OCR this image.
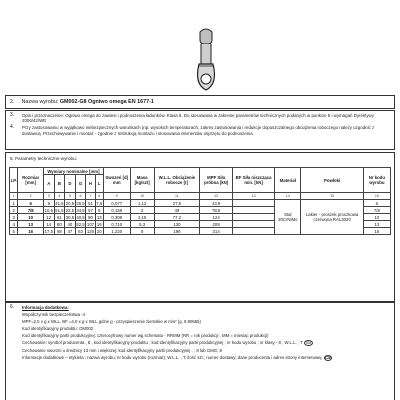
2. Nazwa wyrobu: GM002-G8 Ogniwo omega EN 1677-1
3.	Opis i przeznaczenie: Ogniwo omega do zawiesi i podnoszenia ładunków. Klasa 8. Do stosowania w zakresie parametrów technicznych podanych w punkcie 5 i wymagań Dyrektywy 2006/42/WE
4.	Przy zastosowaniu w wyjątkowo niebezpiecznych warunkach (np. wysokich temperaturach, zakres zastosowania i redukcje dopuszczalnego obciążenia roboczego należy uzgodnić z dostawcą. Przechowywanie i montaż - zgodnie z Instrukcją montażu i stosowania elementów osprzętu do podnoszenia.
5. Parametry techniczne wyrobu:
LP.	Rozmiar [mm]	Wymiary nominalne [mm]						Swozeń [d] mm	Masa [kg/szt]	W.L.L. Obciążenie robocze [t]	MPF Siła próbna [kN]	BF Siła niszcząca min. [kN]	Materiał	Powłoki	Nr kodu wyrobu
		A	B	D	G	H	L								
1	2	3	4	5	6	7	8	9	10	11	12	13	14	15	16
1	6	9	41,5	20,5	25,5	51	7,6	0,077	1,12	27,5	43,9		Stal 20CrNiMo	Lakier - proszek proszkowa czerwona RAL3020	6
2	7/8	10,5	51,5	22,5	34,5	57	9	0,159	2	49	78,5				7/8
3	10	12	61	30,5	40,5	80	13	0,309	3,15	77,2	124				10
4	13	14	80	40	52,5	107	16	0,710	5,3	130	208				13
5	16	17,5	98	47	63	126	20	1,220	8	196	314				16
6.	Informacja dodatkowa:
Współczynnik bezpieczeństwa -4
MPF=2,5 x g x WLL, BF =4,0 x g x WLL gdzie g - przyspieszenie ziemskie w m/s² (g. 9,80665)
Kod identyfikacyjny produktu: GM002
Kod identyfikacyjny partii produkcyjnej: czterocyfrowy numer wg schematu - RRMM (RR = rok produkcji , MM = miesiąc produkcji)
Cechowanie: symbol producenta , 8 , kod identyfikacyjny produktu ; kod identyfikacyjny partii produkcyjnej ; nr kodu wyrobu ; nr klasy - 8 , W.L.L. , T GM
Cechowanie sworzni o średnicy 13 mm i większej: kod identyfikacyjny partii produkcyjnej , ; 8 lub GMG; 8
Informacje dodatkowe – etykieta ; nazwa wyrobu; nr kodu wyrobu (rozmiar); W.L.L. , T, ilość szt.; numer dostawy; dane producenta i adres strony internetowej. CE
